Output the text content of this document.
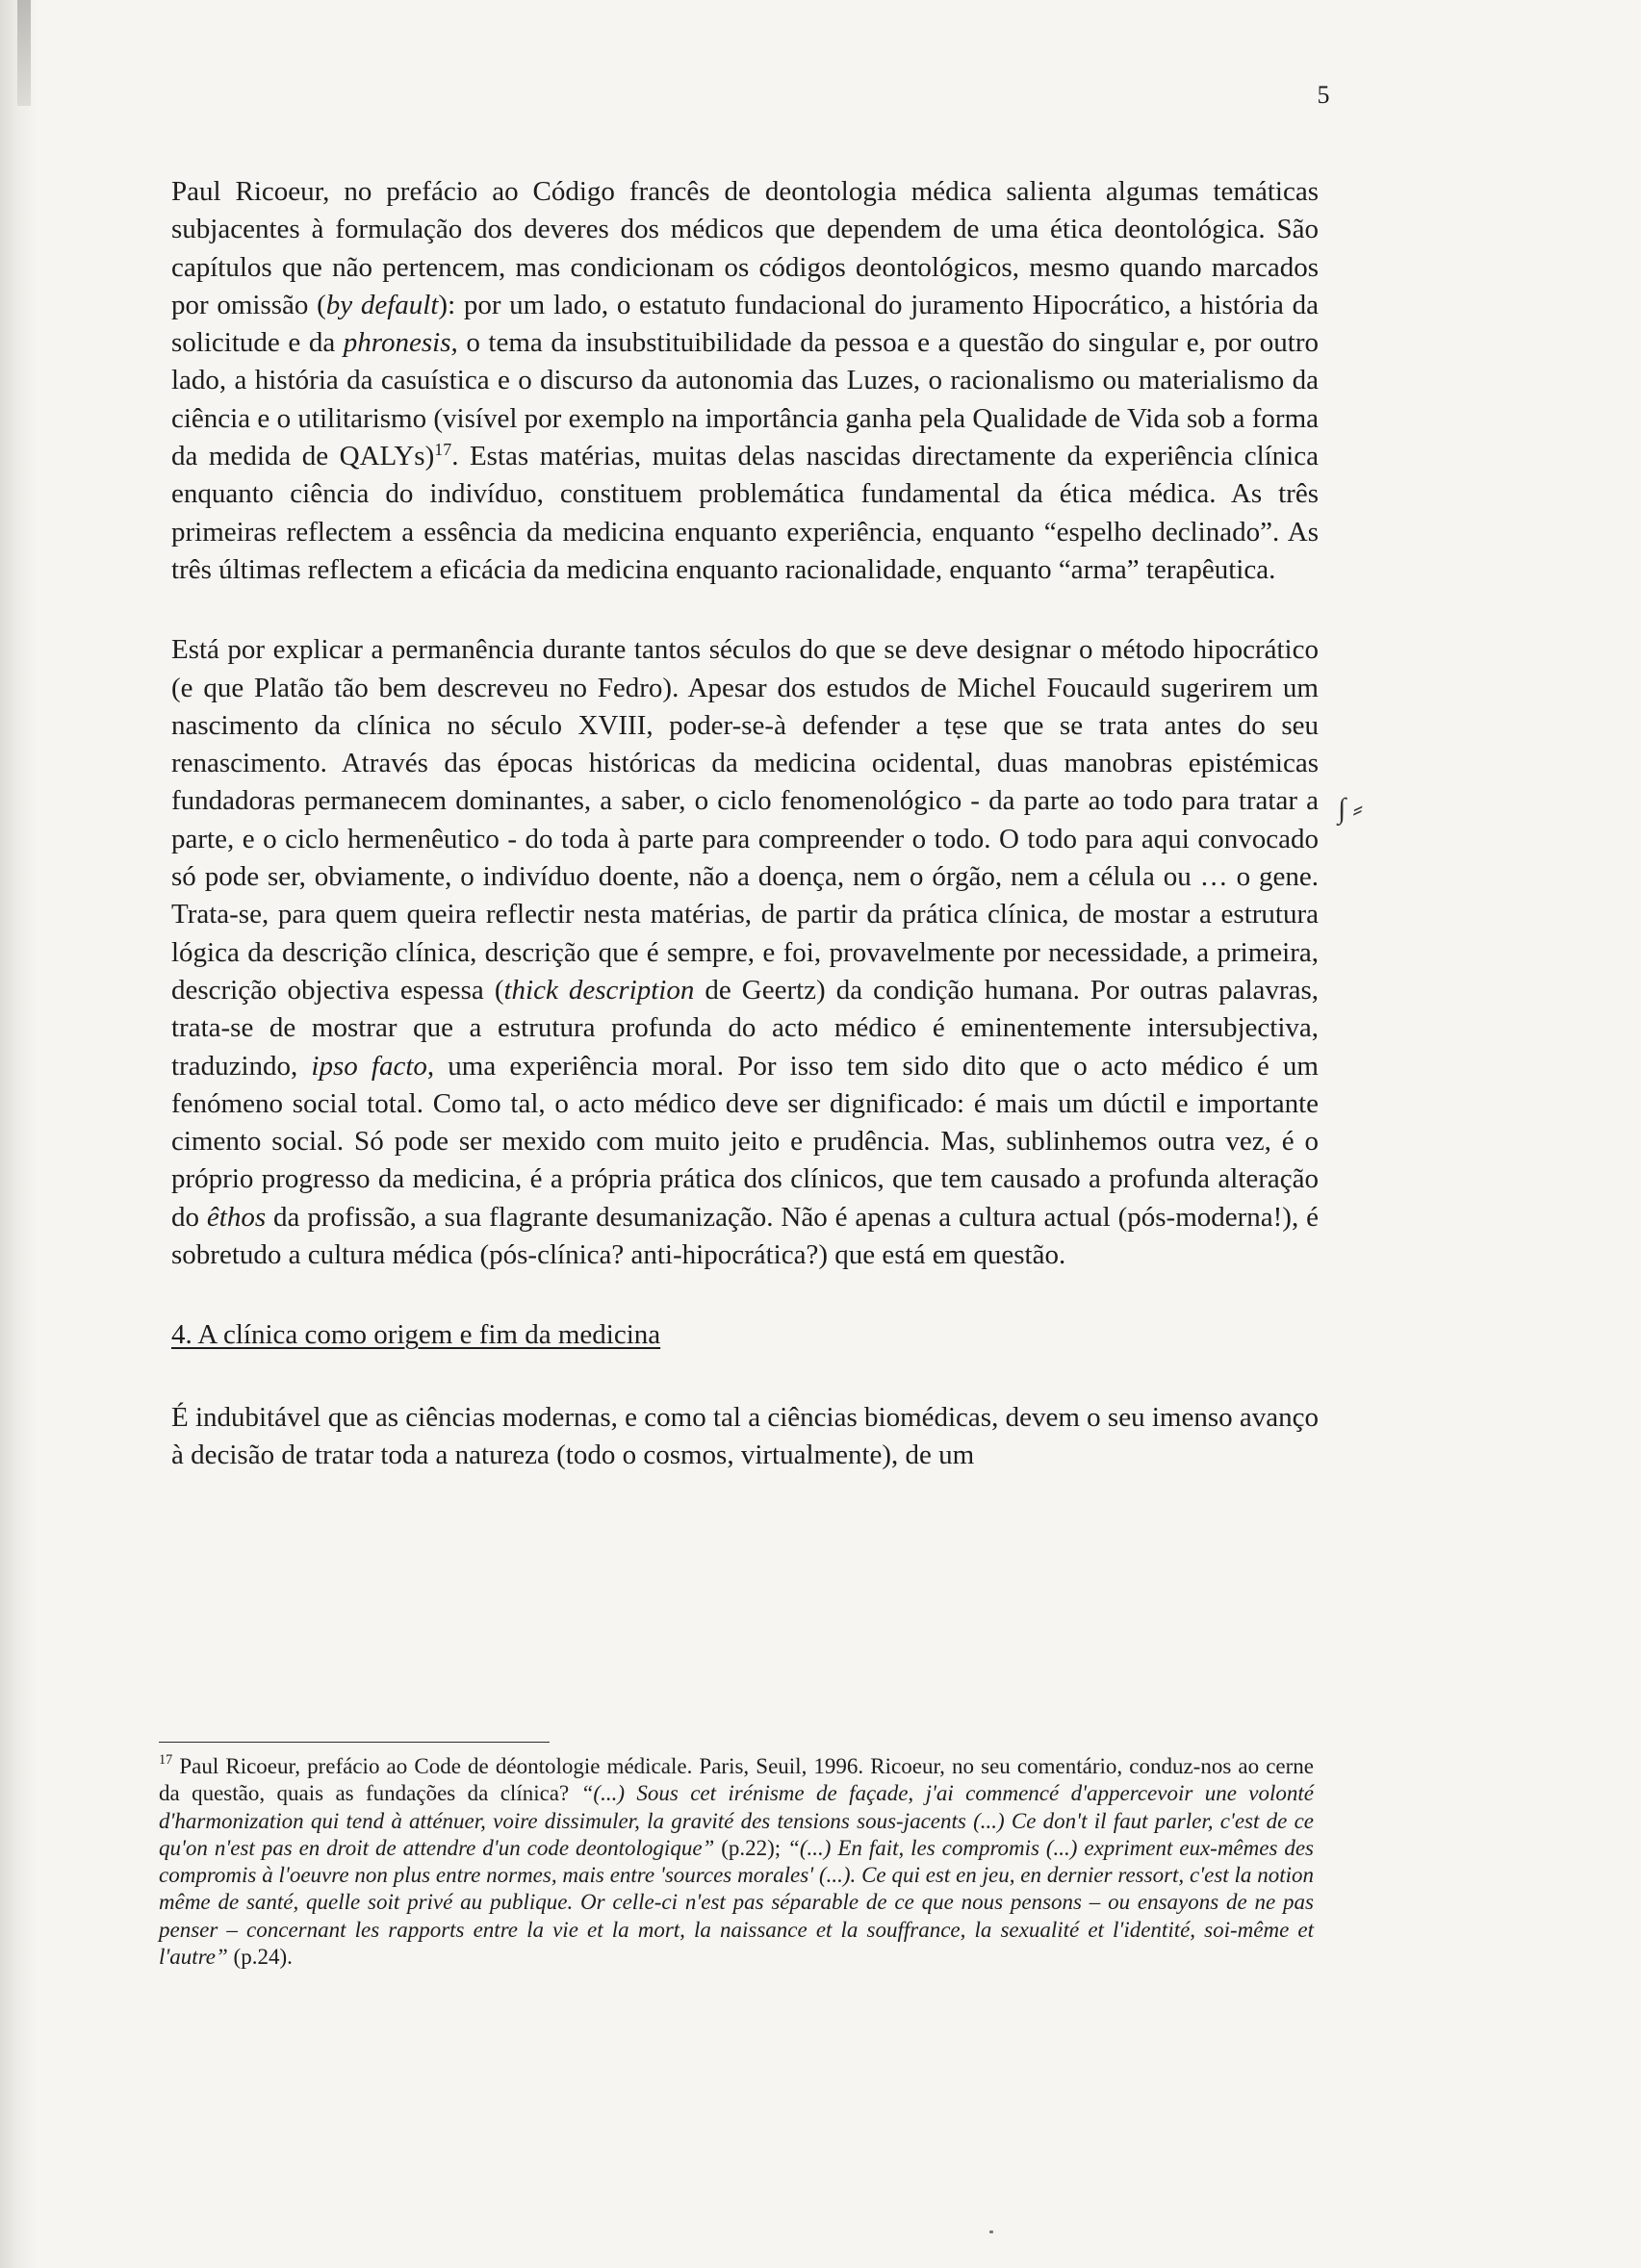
5

Paul Ricoeur, no prefácio ao Código francês de deontologia médica salienta algumas temáticas subjacentes à formulação dos deveres dos médicos que dependem de uma ética deontológica. São capítulos que não pertencem, mas condicionam os códigos deontológicos, mesmo quando marcados por omissão (by default): por um lado, o estatuto fundacional do juramento Hipocrático, a história da solicitude e da phronesis, o tema da insubstituibilidade da pessoa e a questão do singular e, por outro lado, a história da casuística e o discurso da autonomia das Luzes, o racionalismo ou materialismo da ciência e o utilitarismo (visível por exemplo na importância ganha pela Qualidade de Vida sob a forma da medida de QALYs)$^{17}$. Estas matérias, muitas delas nascidas directamente da experiência clínica enquanto ciência do indivíduo, constituem problemática fundamental da ética médica. As três primeiras reflectem a essência da medicina enquanto experiência, enquanto “espelho declinado”. As três últimas reflectem a eficácia da medicina enquanto racionalidade, enquanto “arma” terapêutica.

Está por explicar a permanência durante tantos séculos do que se deve designar o método hipocrático (e que Platão tão bem descreveu no Fedro). Apesar dos estudos de Michel Foucauld sugerirem um nascimento da clínica no século XVIII, poder-se-à defender a tẹse que se trata antes do seu renascimento. Através das épocas históricas da medicina ocidental, duas manobras epistémicas fundadoras permanecem dominantes, a saber, o ciclo fenomenológico - da parte ao todo para tratar a parte, e o ciclo hermenêutico - do toda à parte para compreender o todo. O todo para aqui convocado só pode ser, obviamente, o indivíduo doente, não a doença, nem o órgão, nem a célula ou … o gene. Trata-se, para quem queira reflectir nesta matérias, de partir da prática clínica, de mostar a estrutura lógica da descrição clínica, descrição que é sempre, e foi, provavelmente por necessidade, a primeira, descrição objectiva espessa (thick description de Geertz) da condição humana. Por outras palavras, trata-se de mostrar que a estrutura profunda do acto médico é eminentemente intersubjectiva, traduzindo, ipso facto, uma experiência moral. Por isso tem sido dito que o acto médico é um fenómeno social total. Como tal, o acto médico deve ser dignificado: é mais um dúctil e importante cimento social. Só pode ser mexido com muito jeito e prudência. Mas, sublinhemos outra vez, é o próprio progresso da medicina, é a própria prática dos clínicos, que tem causado a profunda alteração do êthos da profissão, a sua flagrante desumanização. Não é apenas a cultura actual (pós-moderna!), é sobretudo a cultura médica (pós-clínica? anti-hipocrática?) que está em questão.

4. A clínica como origem e fim da medicina

É indubitável que as ciências modernas, e como tal a ciências biomédicas, devem o seu imenso avanço à decisão de tratar toda a natureza (todo o cosmos, virtualmente), de um

∫ ⸗

$^{17}$ Paul Ricoeur, prefácio ao Code de déontologie médicale. Paris, Seuil, 1996. Ricoeur, no seu comentário, conduz-nos ao cerne da questão, quais as fundações da clínica? “(...) Sous cet irénisme de façade, j'ai commencé d'appercevoir une volonté d'harmonization qui tend à atténuer, voire dissimuler, la gravité des tensions sous-jacents (...) Ce don't il faut parler, c'est de ce qu'on n'est pas en droit de attendre d'un code deontologique” (p.22); “(...) En fait, les compromis (...) expriment eux-mêmes des compromis à l'oeuvre non plus entre normes, mais entre 'sources morales' (...). Ce qui est en jeu, en dernier ressort, c'est la notion même de santé, quelle soit privé au publique. Or celle-ci n'est pas séparable de ce que nous pensons – ou ensayons de ne pas penser – concernant les rapports entre la vie et la mort, la naissance et la souffrance, la sexualité et l'identité, soi-même et l'autre” (p.24).
